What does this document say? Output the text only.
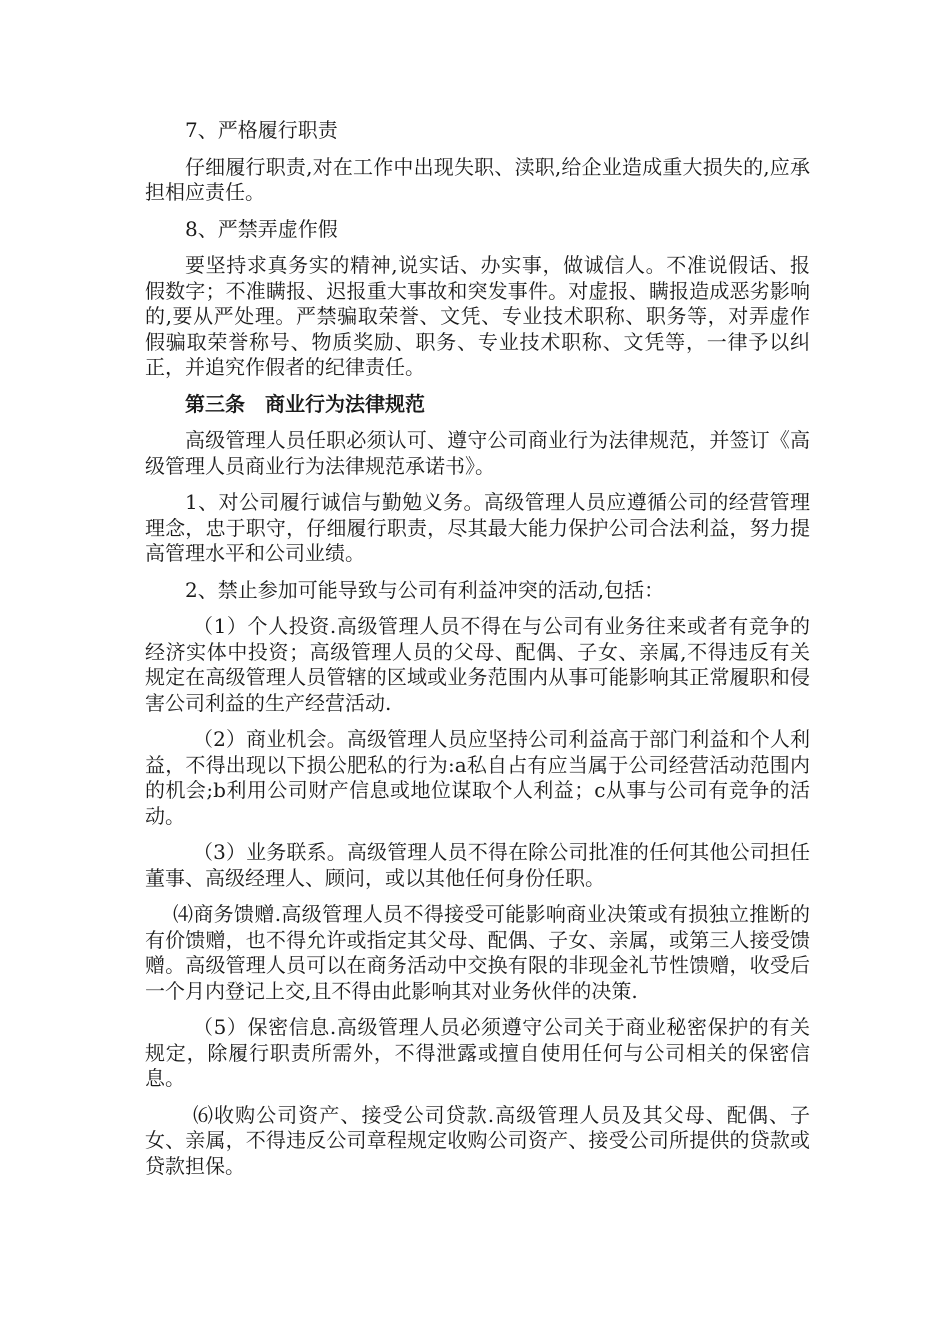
7、严格履行职责

仔细履行职责,对在工作中出现失职、渎职,给企业造成重大损失的,应承担相应责任。

8、严禁弄虚作假

要坚持求真务实的精神,说实话、办实事，做诚信人。不准说假话、报假数字；不准瞒报、迟报重大事故和突发事件。对虚报、瞒报造成恶劣影响的,要从严处理。严禁骗取荣誉、文凭、专业技术职称、职务等，对弄虚作假骗取荣誉称号、物质奖励、职务、专业技术职称、文凭等，一律予以纠正，并追究作假者的纪律责任。

第三条　商业行为法律规范

高级管理人员任职必须认可、遵守公司商业行为法律规范，并签订《高级管理人员商业行为法律规范承诺书》。

1、对公司履行诚信与勤勉义务。高级管理人员应遵循公司的经营管理理念，忠于职守，仔细履行职责，尽其最大能力保护公司合法利益，努力提高管理水平和公司业绩。

2、禁止参加可能导致与公司有利益冲突的活动,包括：

（1）个人投资.高级管理人员不得在与公司有业务往来或者有竞争的经济实体中投资；高级管理人员的父母、配偶、子女、亲属,不得违反有关规定在高级管理人员管辖的区域或业务范围内从事可能影响其正常履职和侵害公司利益的生产经营活动.

（2）商业机会。高级管理人员应坚持公司利益高于部门利益和个人利益，不得出现以下损公肥私的行为:a私自占有应当属于公司经营活动范围内的机会;b利用公司财产信息或地位谋取个人利益；c从事与公司有竞争的活动。

（3）业务联系。高级管理人员不得在除公司批准的任何其他公司担任董事、高级经理人、顾问，或以其他任何身份任职。

⑷商务馈赠.高级管理人员不得接受可能影响商业决策或有损独立推断的有价馈赠，也不得允许或指定其父母、配偶、子女、亲属，或第三人接受馈赠。高级管理人员可以在商务活动中交换有限的非现金礼节性馈赠，收受后一个月内登记上交,且不得由此影响其对业务伙伴的决策.

（5）保密信息.高级管理人员必须遵守公司关于商业秘密保护的有关规定，除履行职责所需外，不得泄露或擅自使用任何与公司相关的保密信息。

⑹收购公司资产、接受公司贷款.高级管理人员及其父母、配偶、子女、亲属，不得违反公司章程规定收购公司资产、接受公司所提供的贷款或贷款担保。
